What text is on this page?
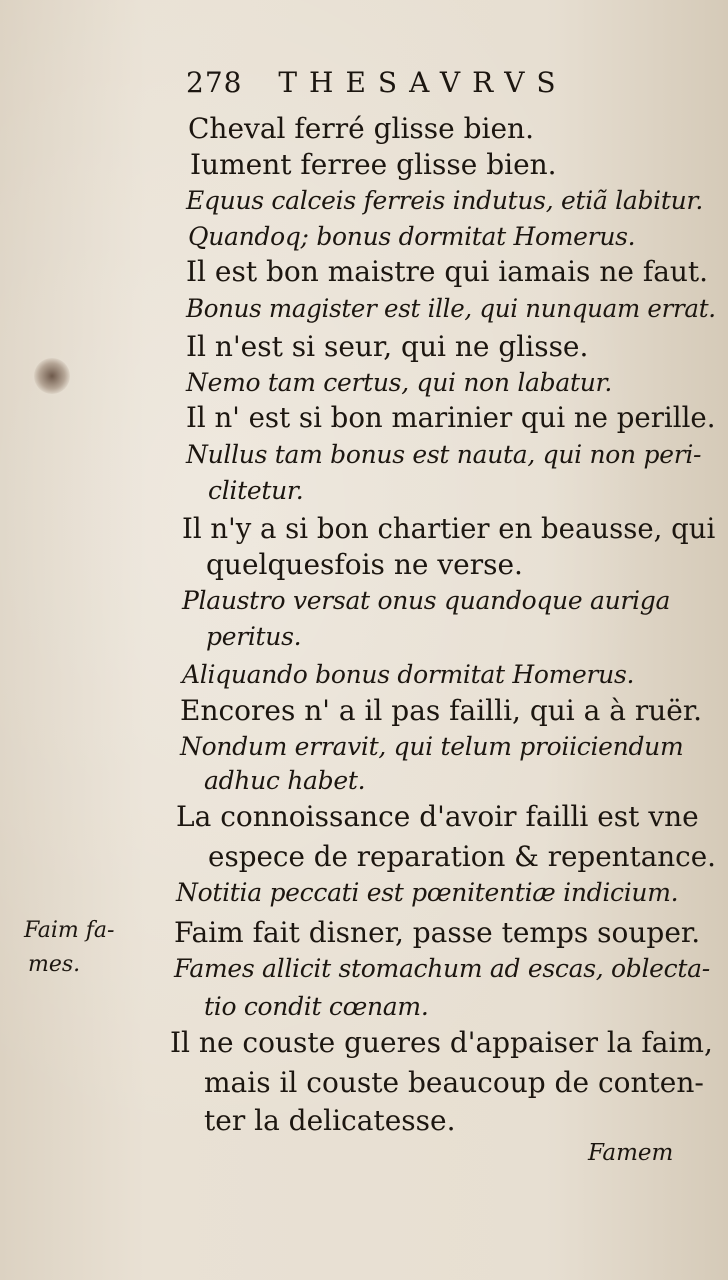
278 THESAVRVS
Cheval ferré glisse bien.
Iument ferree glisse bien.
Equus calceis ferreis indutus, etiã labitur.
Quandoq; bonus dormitat Homerus.
Il est bon maistre qui iamais ne faut.
Bonus magister est ille, qui nunquam errat.
Il n'est si seur, qui ne glisse.
Nemo tam certus, qui non labatur.
Il n' est si bon marinier qui ne perille.
Nullus tam bonus est nauta, qui non peri-
clitetur.
Il n'y a si bon chartier en beausse, qui
quelquesfois ne verse.
Plaustro versat onus quandoque auriga
peritus.
Aliquando bonus dormitat Homerus.
Encores n' a il pas failli, qui a à ruër.
Nondum erravit, qui telum proiiciendum
adhuc habet.
La connoissance d'avoir failli est vne
espece de reparation & repentance.
Notitia peccati est pœnitentiæ indicium.
Faim fait disner, passe temps souper.
Fames allicit stomachum ad escas, oblecta-
tio condit cœnam.
Il ne couste gueres d'appaiser la faim,
mais il couste beaucoup de conten-
ter la delicatesse.
Faim fa-
mes.
Famem
